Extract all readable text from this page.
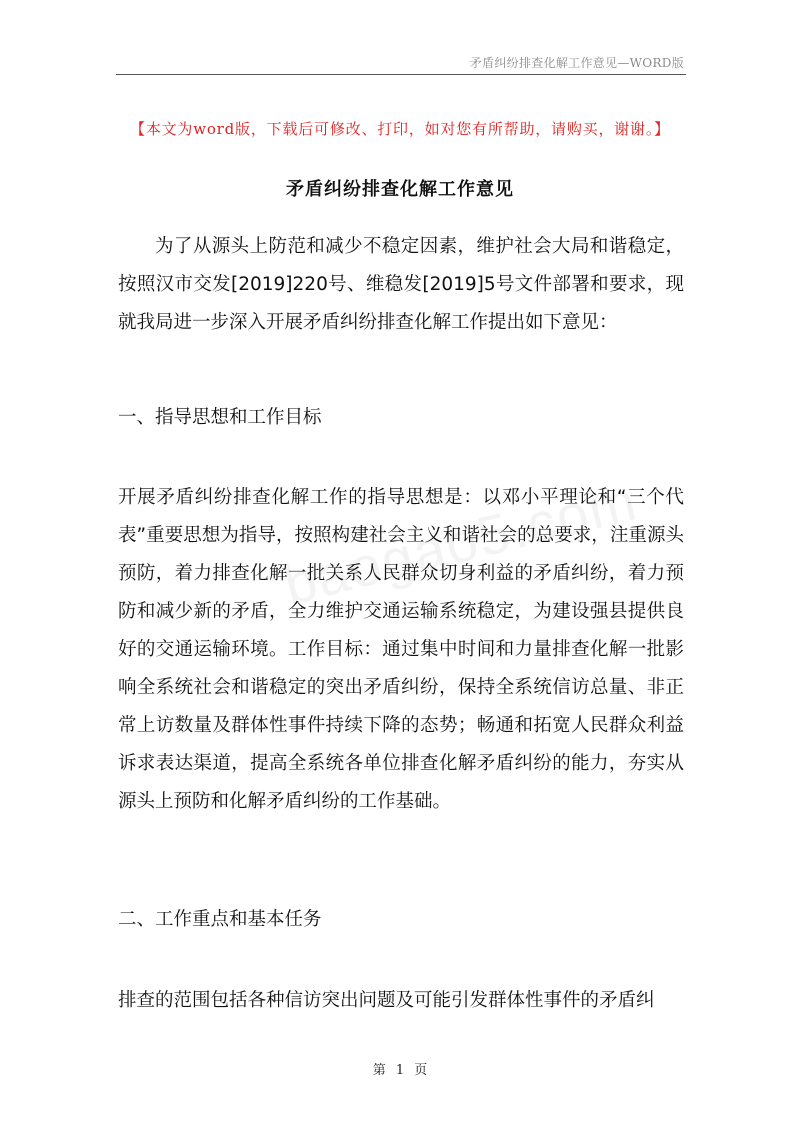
矛盾纠纷排查化解工作意见—WORD版
【本文为word版，下载后可修改、打印，如对您有所帮助，请购买，谢谢。】
矛盾纠纷排查化解工作意见

为了从源头上防范和减少不稳定因素，维护社会大局和谐稳定，按照汉市交发[2019]220号、维稳发[2019]5号文件部署和要求，现就我局进一步深入开展矛盾纠纷排查化解工作提出如下意见：

一、指导思想和工作目标

开展矛盾纠纷排查化解工作的指导思想是：以邓小平理论和“三个代表”重要思想为指导，按照构建社会主义和谐社会的总要求，注重源头预防，着力排查化解一批关系人民群众切身利益的矛盾纠纷，着力预防和减少新的矛盾，全力维护交通运输系统稳定，为建设强县提供良好的交通运输环境。工作目标：通过集中时间和力量排查化解一批影响全系统社会和谐稳定的突出矛盾纠纷，保持全系统信访总量、非正常上访数量及群体性事件持续下降的态势；畅通和拓宽人民群众利益诉求表达渠道，提高全系统各单位排查化解矛盾纠纷的能力，夯实从源头上预防和化解矛盾纠纷的工作基础。

二、工作重点和基本任务

排查的范围包括各种信访突出问题及可能引发群体性事件的矛盾纠

第 1 页
